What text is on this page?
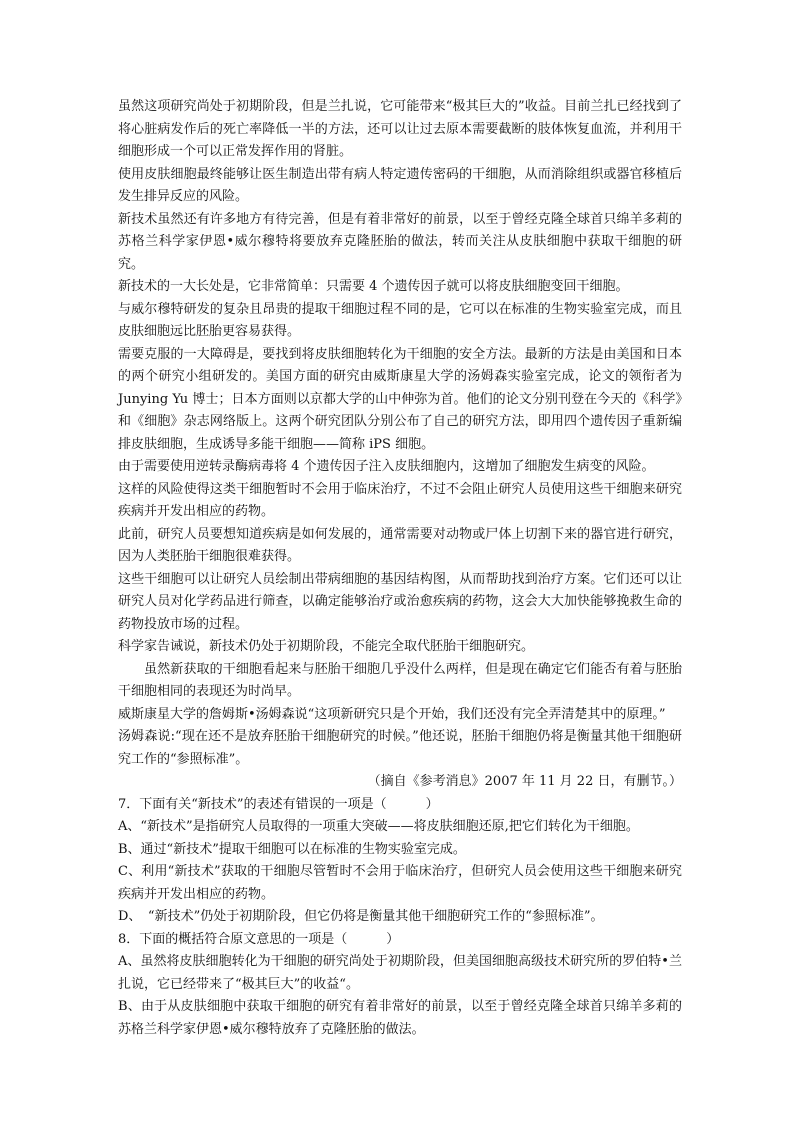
虽然这项研究尚处于初期阶段，但是兰扎说，它可能带来“极其巨大的”收益。目前兰扎已经找到了将心脏病发作后的死亡率降低一半的方法，还可以让过去原本需要截断的肢体恢复血流，并利用干细胞形成一个可以正常发挥作用的肾脏。

使用皮肤细胞最终能够让医生制造出带有病人特定遗传密码的干细胞，从而消除组织或器官移植后发生排异反应的风险。

新技术虽然还有许多地方有待完善，但是有着非常好的前景，以至于曾经克隆全球首只绵羊多莉的苏格兰科学家伊恩•威尔穆特将要放弃克隆胚胎的做法，转而关注从皮肤细胞中获取干细胞的研究。

新技术的一大长处是，它非常简单：只需要 4 个遗传因子就可以将皮肤细胞变回干细胞。

与威尔穆特研发的复杂且昂贵的提取干细胞过程不同的是，它可以在标准的生物实验室完成，而且皮肤细胞远比胚胎更容易获得。

需要克服的一大障碍是，要找到将皮肤细胞转化为干细胞的安全方法。最新的方法是由美国和日本的两个研究小组研发的。美国方面的研究由威斯康星大学的汤姆森实验室完成，论文的领衔者为 Junying Yu 博士；日本方面则以京都大学的山中伸弥为首。他们的论文分别刊登在今天的《科学》和《细胞》杂志网络版上。这两个研究团队分别公布了自己的研究方法，即用四个遗传因子重新编排皮肤细胞，生成诱导多能干细胞——简称 iPS 细胞。

由于需要使用逆转录酶病毒将 4 个遗传因子注入皮肤细胞内，这增加了细胞发生病变的风险。

这样的风险使得这类干细胞暂时不会用于临床治疗，不过不会阻止研究人员使用这些干细胞来研究疾病并开发出相应的药物。

此前，研究人员要想知道疾病是如何发展的，通常需要对动物或尸体上切割下来的器官进行研究，因为人类胚胎干细胞很难获得。

这些干细胞可以让研究人员绘制出带病细胞的基因结构图，从而帮助找到治疗方案。它们还可以让研究人员对化学药品进行筛查，以确定能够治疗或治愈疾病的药物，这会大大加快能够挽救生命的药物投放市场的过程。

科学家告诫说，新技术仍处于初期阶段，不能完全取代胚胎干细胞研究。

虽然新获取的干细胞看起来与胚胎干细胞几乎没什么两样，但是现在确定它们能否有着与胚胎干细胞相同的表现还为时尚早。

威斯康星大学的詹姆斯•汤姆森说“这项新研究只是个开始，我们还没有完全弄清楚其中的原理。”

汤姆森说:“现在还不是放弃胚胎干细胞研究的时候。”他还说，胚胎干细胞仍将是衡量其他干细胞研究工作的“参照标准”。

（摘自《参考消息》2007 年 11 月 22 日，有删节。）

7．下面有关“新技术”的表述有错误的一项是（　　　）

A、“新技术”是指研究人员取得的一项重大突破——将皮肤细胞还原,把它们转化为干细胞。

B、通过“新技术”提取干细胞可以在标准的生物实验室完成。

C、利用“新技术”获取的干细胞尽管暂时不会用于临床治疗，但研究人员会使用这些干细胞来研究疾病并开发出相应的药物。

D、　“新技术”仍处于初期阶段，但它仍将是衡量其他干细胞研究工作的“参照标准”。

8．下面的概括符合原文意思的一项是（　　　）

A、虽然将皮肤细胞转化为干细胞的研究尚处于初期阶段，但美国细胞高级技术研究所的罗伯特•兰扎说，它已经带来了“极其巨大”的收益“。

B、由于从皮肤细胞中获取干细胞的研究有着非常好的前景，以至于曾经克隆全球首只绵羊多莉的苏格兰科学家伊恩•威尔穆特放弃了克隆胚胎的做法。
